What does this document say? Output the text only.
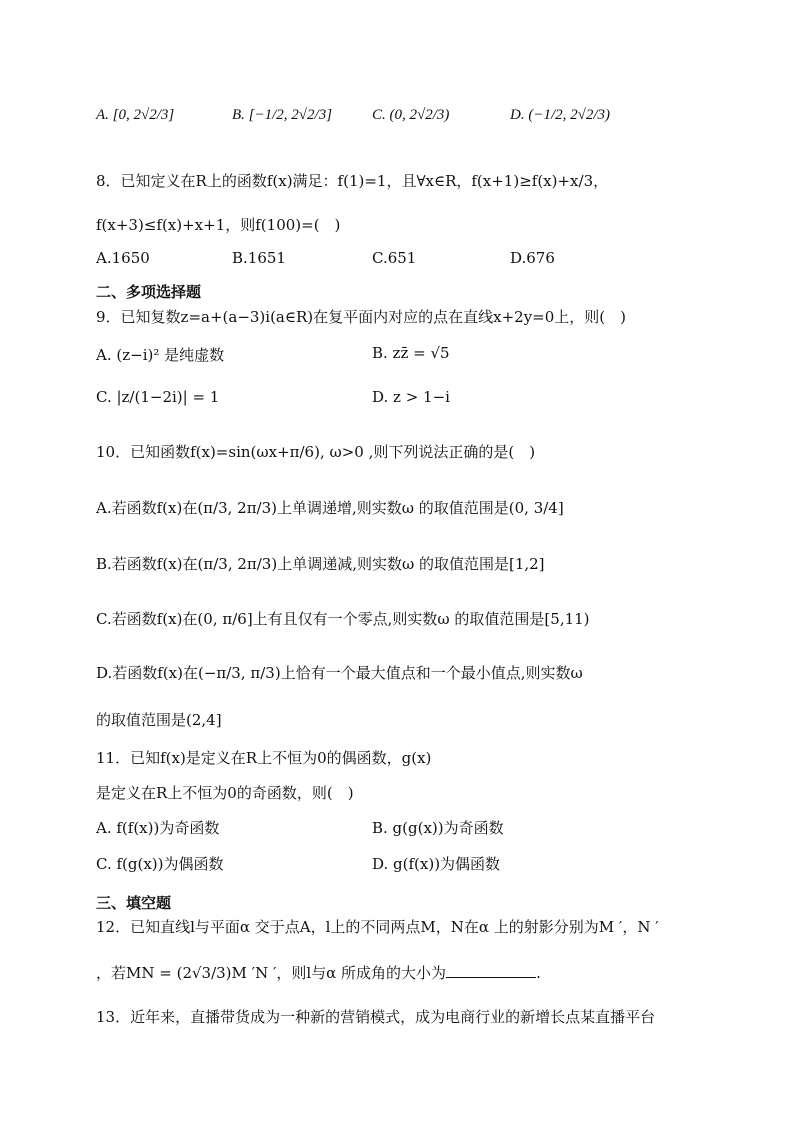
A. [0, 2√2/3]	B. [−1/2, 2√2/3]	C. (0, 2√2/3)	D. (−1/2, 2√2/3)
8．已知定义在R上的函数f(x)满足：f(1)=1，且∀x∈R，f(x+1)≥f(x)+x/3，
f(x+3)≤f(x)+x+1，则f(100)=(　)
A.1650	B.1651	C.651	D.676
二、多项选择题
9．已知复数z=a+(a−3)i(a∈R)在复平面内对应的点在直线x+2y=0上，则(　)
A. (z−i)² 是纯虚数	B. zz̄ = √5
C. |z/(1−2i)| = 1	D. z > 1−i
10．已知函数f(x)=sin(ωx+π/6), ω>0 ,则下列说法正确的是(　)
A.若函数f(x)在(π/3, 2π/3)上单调递增,则实数ω 的取值范围是(0, 3/4]
B.若函数f(x)在(π/3, 2π/3)上单调递减,则实数ω 的取值范围是[1,2]
C.若函数f(x)在(0, π/6]上有且仅有一个零点,则实数ω 的取值范围是[5,11)
D.若函数f(x)在(−π/3, π/3)上恰有一个最大值点和一个最小值点,则实数ω
的取值范围是(2,4]
11．已知f(x)是定义在R上不恒为0的偶函数，g(x)
是定义在R上不恒为0的奇函数，则(　)
A. f(f(x))为奇函数	B. g(g(x))为奇函数
C. f(g(x))为偶函数	D. g(f(x))为偶函数
三、填空题
12．已知直线l与平面α 交于点A，l上的不同两点M，N在α 上的射影分别为M ′，N ′
，若MN = (2√3/3)M ′N ′，则l与α 所成角的大小为	.
13．近年来，直播带货成为一种新的营销模式，成为电商行业的新增长点某直播平台
